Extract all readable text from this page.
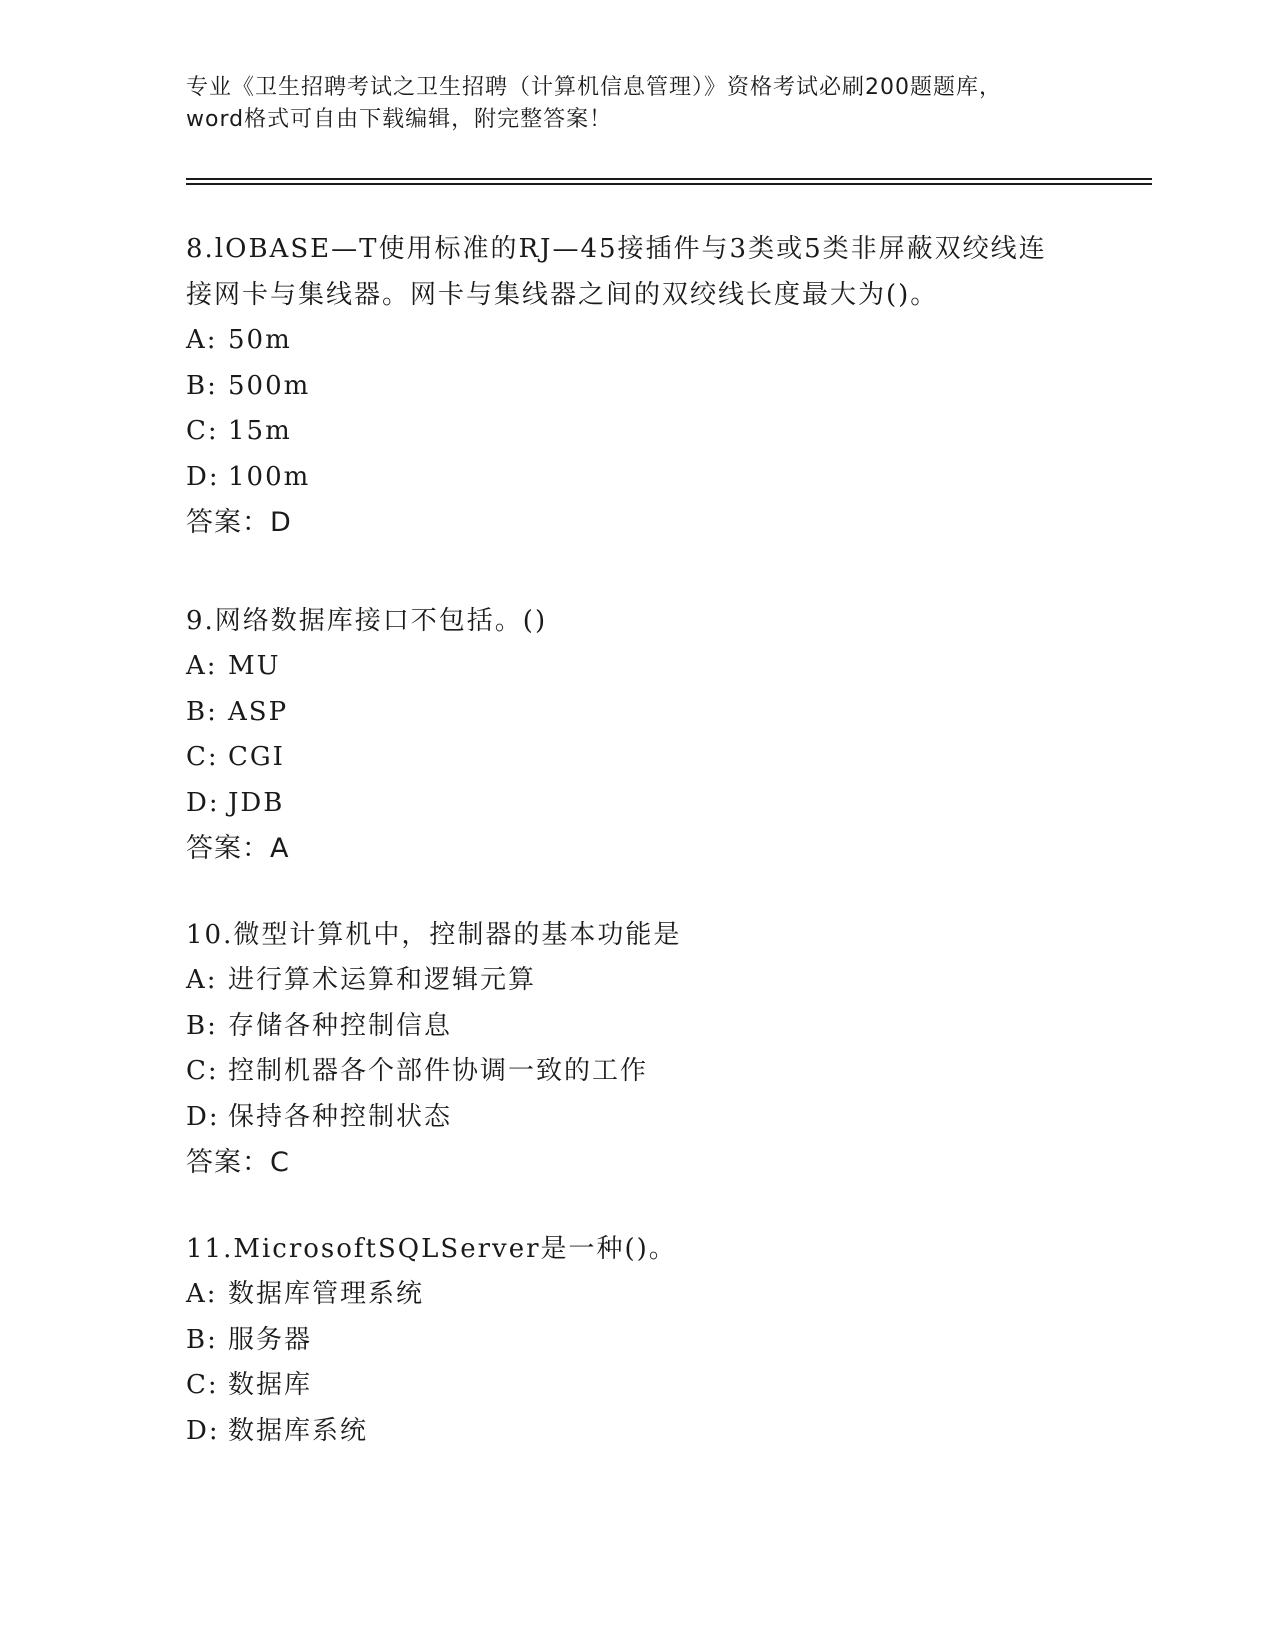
专业《卫生招聘考试之卫生招聘（计算机信息管理）》资格考试必刷200题题库，
word格式可自由下载编辑，附完整答案！
8.lOBASE—T使用标准的RJ—45接插件与3类或5类非屏蔽双绞线连
接网卡与集线器。网卡与集线器之间的双绞线长度最大为()。
A: 50m
B: 500m
C: 15m
D: 100m
答案：D
9.网络数据库接口不包括。()
A: MU
B: ASP
C: CGI
D: JDB
答案：A
10.微型计算机中，控制器的基本功能是
A: 进行算术运算和逻辑元算
B: 存储各种控制信息
C: 控制机器各个部件协调一致的工作
D: 保持各种控制状态
答案：C
11.MicrosoftSQLServer是一种()。
A: 数据库管理系统
B: 服务器
C: 数据库
D: 数据库系统
